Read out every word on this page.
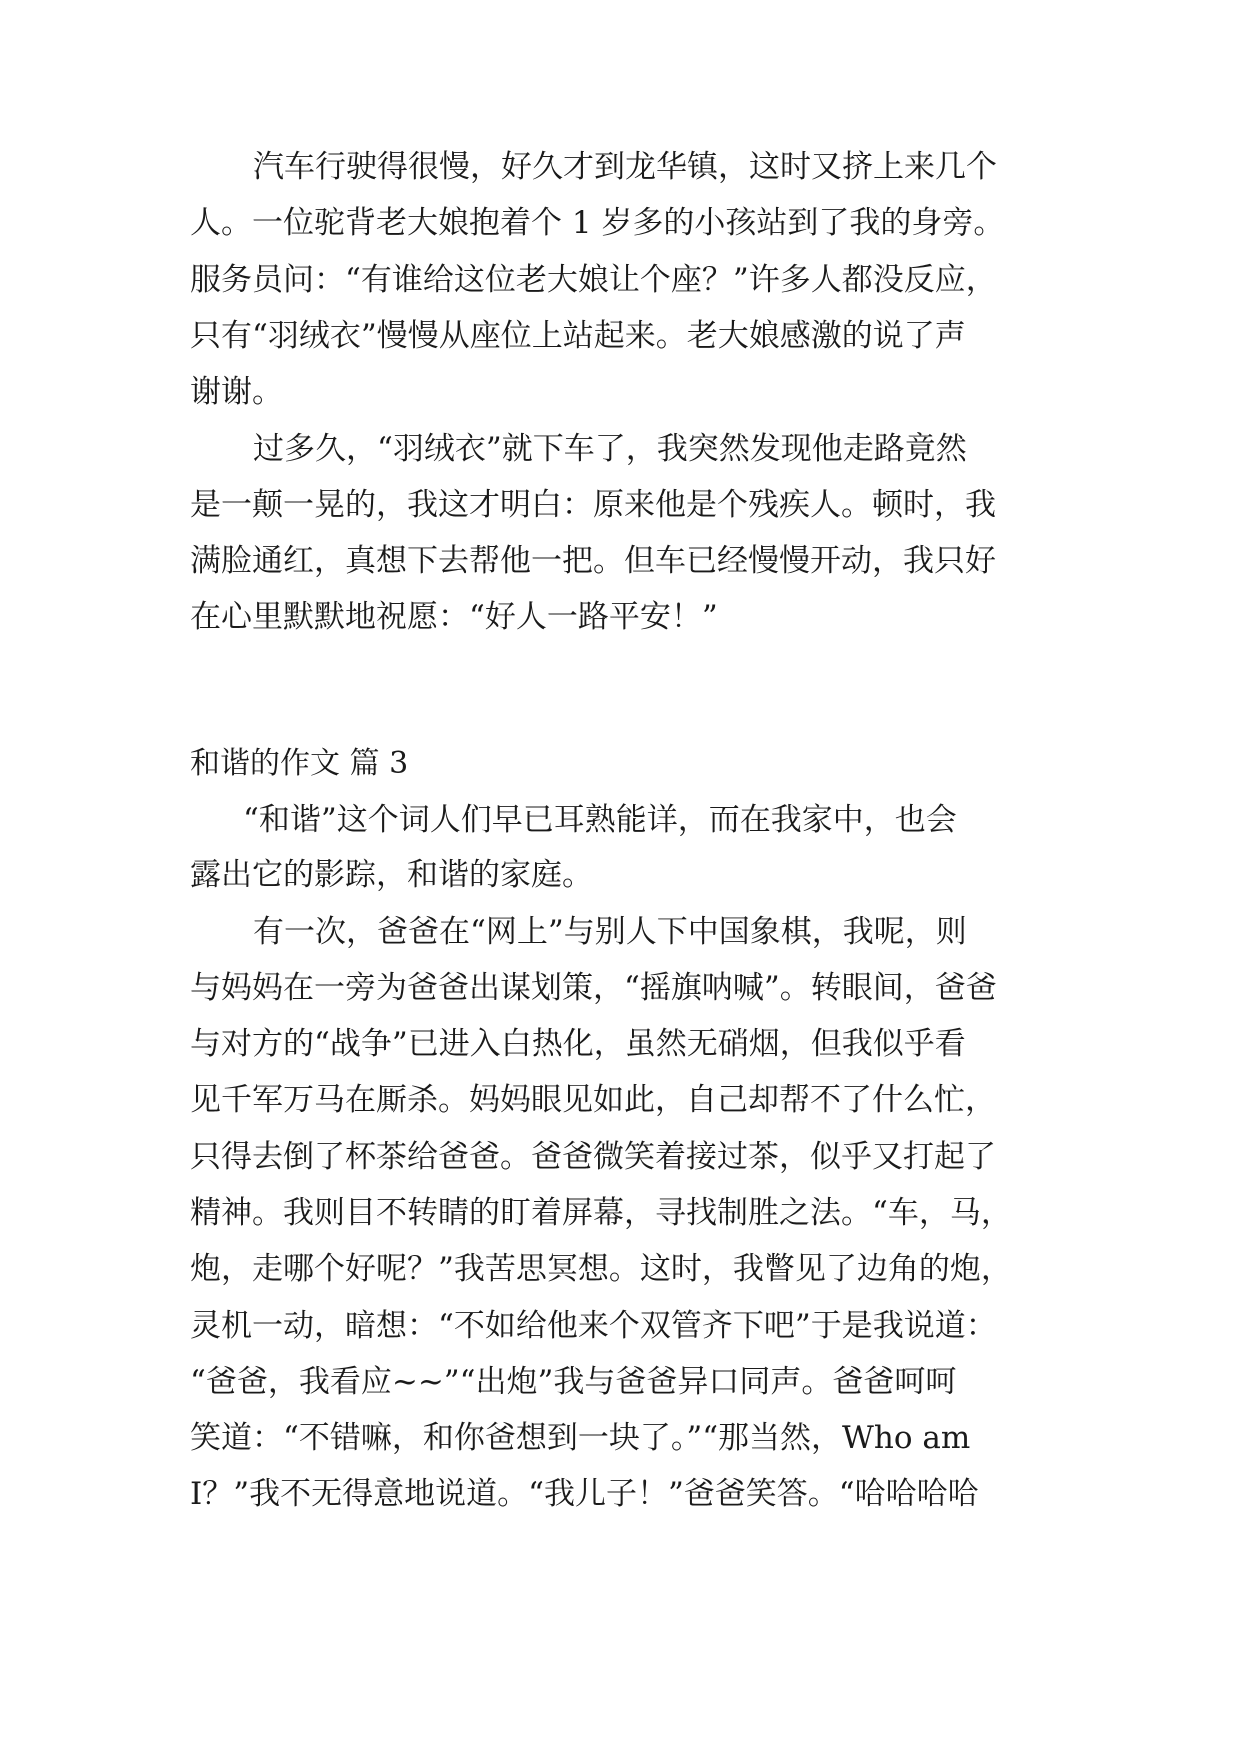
汽车行驶得很慢，好久才到龙华镇，这时又挤上来几个
人。一位驼背老大娘抱着个 1 岁多的小孩站到了我的身旁。
服务员问：“有谁给这位老大娘让个座？”许多人都没反应，
只有“羽绒衣”慢慢从座位上站起来。老大娘感激的说了声
谢谢。
过多久，“羽绒衣”就下车了，我突然发现他走路竟然
是一颠一晃的，我这才明白：原来他是个残疾人。顿时，我
满脸通红，真想下去帮他一把。但车已经慢慢开动，我只好
在心里默默地祝愿：“好人一路平安！”
和谐的作文 篇 3
“和谐”这个词人们早已耳熟能详，而在我家中，也会
露出它的影踪，和谐的家庭。
有一次，爸爸在“网上”与别人下中国象棋，我呢，则
与妈妈在一旁为爸爸出谋划策，“摇旗呐喊”。转眼间，爸爸
与对方的“战争”已进入白热化，虽然无硝烟，但我似乎看
见千军万马在厮杀。妈妈眼见如此，自己却帮不了什么忙，
只得去倒了杯茶给爸爸。爸爸微笑着接过茶，似乎又打起了
精神。我则目不转睛的盯着屏幕，寻找制胜之法。“车，马，
炮，走哪个好呢？”我苦思冥想。这时，我瞥见了边角的炮，
灵机一动，暗想：“不如给他来个双管齐下吧”于是我说道：
“爸爸，我看应~~”“出炮”我与爸爸异口同声。爸爸呵呵
笑道：“不错嘛，和你爸想到一块了。”“那当然，Who am
I？”我不无得意地说道。“我儿子！”爸爸笑答。“哈哈哈哈
